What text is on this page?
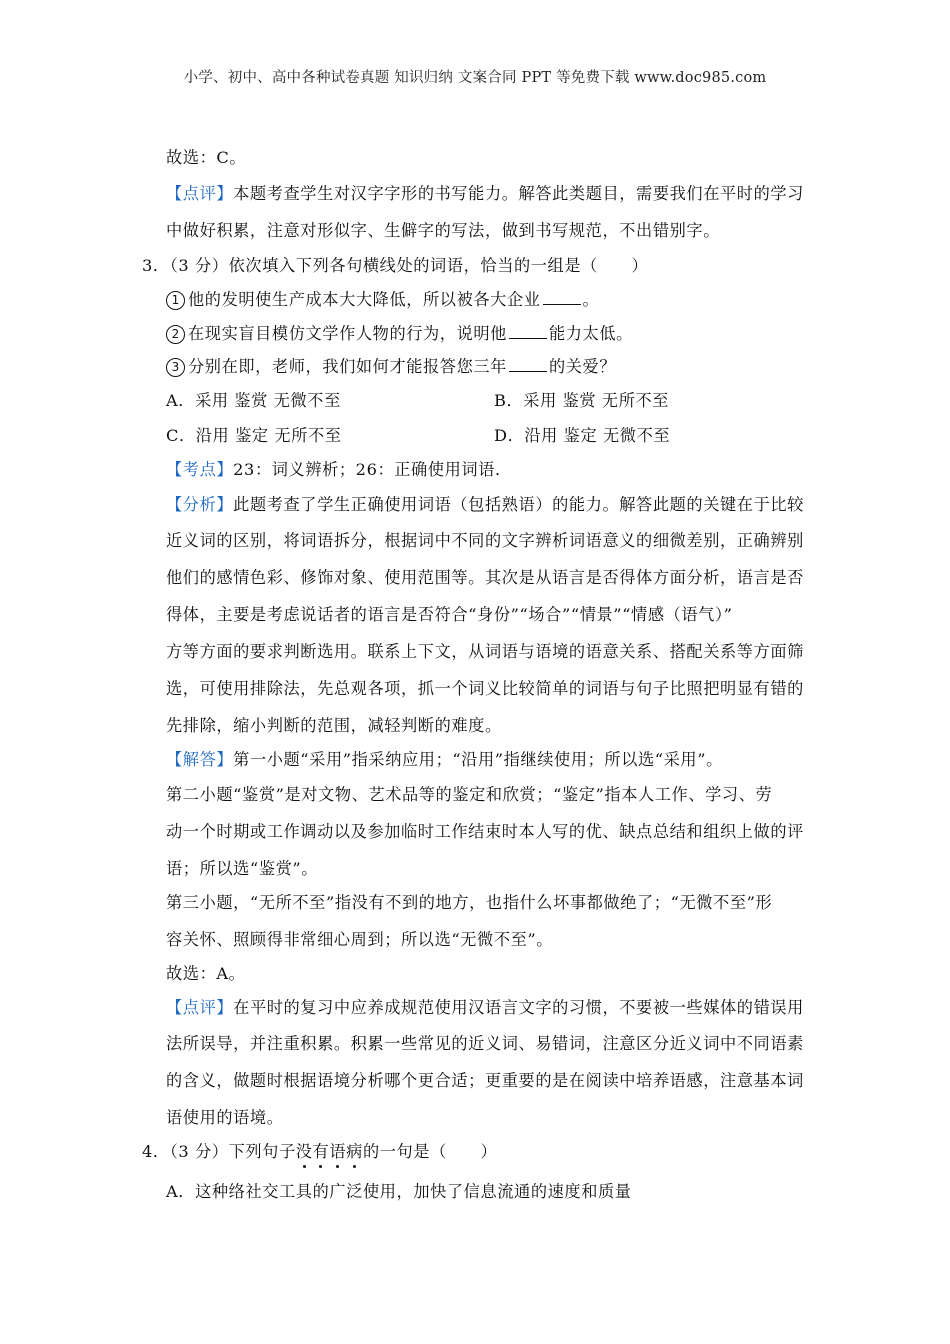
小学、初中、高中各种试卷真题 知识归纳 文案合同 PPT 等免费下载 www.doc985.com
故选：C。
【点评】本题考查学生对汉字字形的书写能力。解答此类题目，需要我们在平时的学习
中做好积累，注意对形似字、生僻字的写法，做到书写规范，不出错别字。
3．（3 分）依次填入下列各句横线处的词语，恰当的一组是（　　）
1 他的发明使生产成本大大降低，所以被各大企业	。
2 在现实盲目模仿文学作人物的行为，说明他	能力太低。
3 分别在即，老师，我们如何才能报答您三年	的关爱？
A．采用 鉴赏 无微不至	B．采用 鉴赏 无所不至
C．沿用 鉴定 无所不至	D．沿用 鉴定 无微不至
【考点】23：词义辨析；26：正确使用词语．
【分析】此题考查了学生正确使用词语（包括熟语）的能力。解答此题的关键在于比较
近义词的区别，将词语拆分，根据词中不同的文字辨析词语意义的细微差别，正确辨别
他们的感情色彩、修饰对象、使用范围等。其次是从语言是否得体方面分析，语言是否
得体，主要是考虑说话者的语言是否符合“身份”“场合”“情景”“情感（语气）”
方等方面的要求判断选用。联系上下文，从词语与语境的语意关系、搭配关系等方面筛
选，可使用排除法，先总观各项，抓一个词义比较简单的词语与句子比照把明显有错的
先排除，缩小判断的范围，减轻判断的难度。
【解答】第一小题“采用”指采纳应用；“沿用”指继续使用；所以选“采用”。
第二小题“鉴赏”是对文物、艺术品等的鉴定和欣赏；“鉴定”指本人工作、学习、劳
动一个时期或工作调动以及参加临时工作结束时本人写的优、缺点总结和组织上做的评
语；所以选“鉴赏”。
第三小题，“无所不至”指没有不到的地方，也指什么坏事都做绝了；“无微不至”形
容关怀、照顾得非常细心周到；所以选“无微不至”。
故选：A。
【点评】在平时的复习中应养成规范使用汉语言文字的习惯，不要被一些媒体的错误用
法所误导，并注重积累。积累一些常见的近义词、易错词，注意区分近义词中不同语素
的含义，做题时根据语境分析哪个更合适；更重要的是在阅读中培养语感，注意基本词
语使用的语境。
4．（3 分）下列句子没有语病的一句是（　　）
A．这种络社交工具的广泛使用，加快了信息流通的速度和质量
